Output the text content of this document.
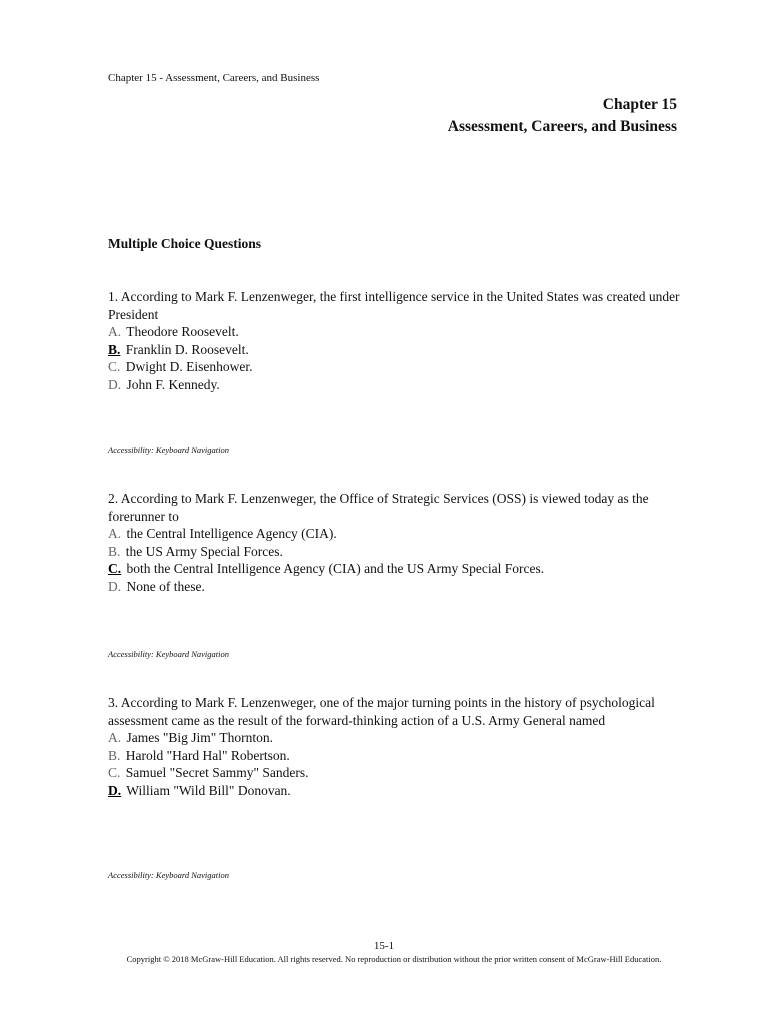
Chapter 15 - Assessment, Careers, and Business
Chapter 15
Assessment, Careers, and Business
Multiple Choice Questions

1. According to Mark F. Lenzenweger, the first intelligence service in the United States was created under President

A. Theodore Roosevelt.
B. Franklin D. Roosevelt.
C. Dwight D. Eisenhower.
D. John F. Kennedy.
Accessibility: Keyboard Navigation

2. According to Mark F. Lenzenweger, the Office of Strategic Services (OSS) is viewed today as the forerunner to

A. the Central Intelligence Agency (CIA).
B. the US Army Special Forces.
C. both the Central Intelligence Agency (CIA) and the US Army Special Forces.
D. None of these.
Accessibility: Keyboard Navigation

3. According to Mark F. Lenzenweger, one of the major turning points in the history of psychological assessment came as the result of the forward-thinking action of a U.S. Army General named

A. James "Big Jim" Thornton.
B. Harold "Hard Hal" Robertson.
C. Samuel "Secret Sammy" Sanders.
D. William "Wild Bill" Donovan.
Accessibility: Keyboard Navigation
15-1
Copyright © 2018 McGraw-Hill Education. All rights reserved. No reproduction or distribution without the prior written consent of McGraw-Hill Education.
